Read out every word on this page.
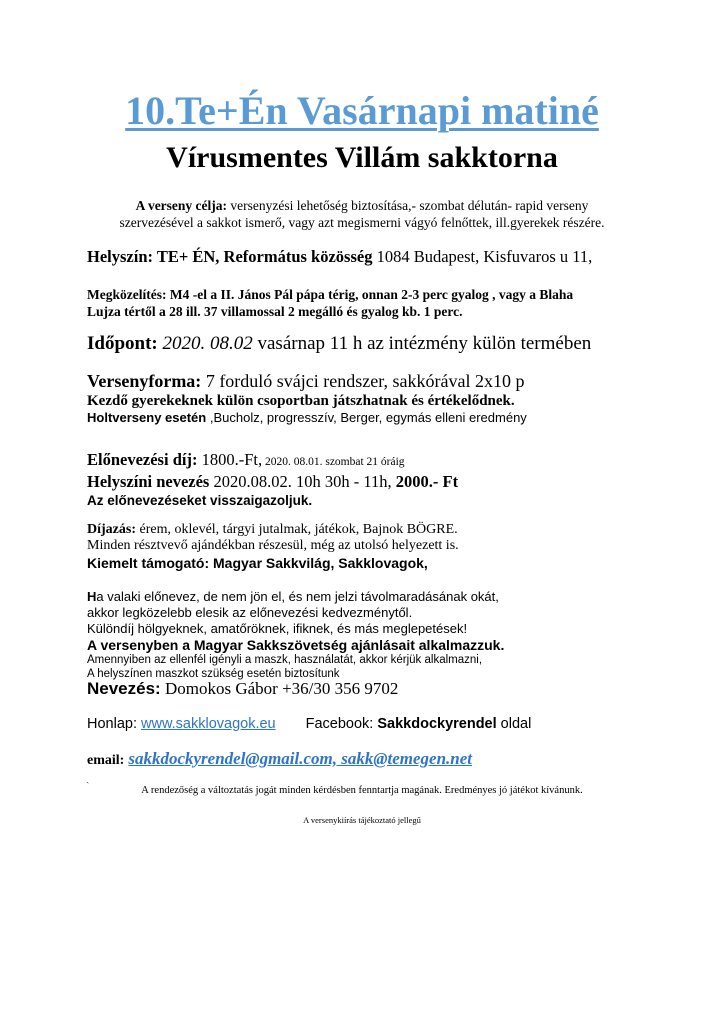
10.Te+Én Vasárnapi matiné
Vírusmentes Villám sakktorna
A verseny célja: versenyzési lehetőség biztosítása,- szombat délután- rapid verseny
szervezésével a sakkot ismerő, vagy azt megismerni vágyó felnőttek, ill.gyerekek részére.
Helyszín: TE+ ÉN, Református közösség 1084 Budapest, Kisfuvaros u 11,
Megközelítés: M4 -el a II. János Pál pápa térig, onnan 2-3 perc gyalog , vagy a Blaha
Lujza tértől a 28 ill. 37 villamossal 2 megálló és gyalog kb. 1 perc.
Időpont: 2020. 08.02 vasárnap 11 h az intézmény külön termében
Versenyforma: 7 forduló svájci rendszer, sakkórával 2x10 p
Kezdő gyerekeknek külön csoportban játszhatnak és értékelődnek.
Holtverseny esetén ,Bucholz, progresszív, Berger, egymás elleni eredmény
Előnevezési díj: 1800.-Ft, 2020. 08.01. szombat 21 óráig
Helyszíni nevezés 2020.08.02. 10h 30h - 11h, 2000.- Ft
Az előnevezéseket visszaigazoljuk.
Díjazás: érem, oklevél, tárgyi jutalmak, játékok, Bajnok BÖGRE.
Minden résztvevő ajándékban részesül, még az utolsó helyezett is.
Kiemelt támogató: Magyar Sakkvilág, Sakklovagok,
Ha valaki előnevez, de nem jön el, és nem jelzi távolmaradásának okát,
akkor legközelebb elesik az előnevezési kedvezménytől.
Különdíj hölgyeknek, amatőröknek, ifiknek, és más meglepetések!
A versenyben a Magyar Sakkszövetség ajánlásait alkalmazzuk.
Amennyiben az ellenfél igényli a maszk, használatát, akkor kérjük alkalmazni,
A helyszínen maszkot szükség esetén biztosítunk
Nevezés: Domokos Gábor +36/30 356 9702
Honlap: www.sakklovagok.eu Facebook: Sakkdockyrendel oldal
email: sakkdockyrendel@gmail.com, sakk@temegen.net
ˏ
A rendezőség a változtatás jogát minden kérdésben fenntartja magának. Eredményes jó játékot kívánunk.
A versenykiírás tájékoztató jellegű
